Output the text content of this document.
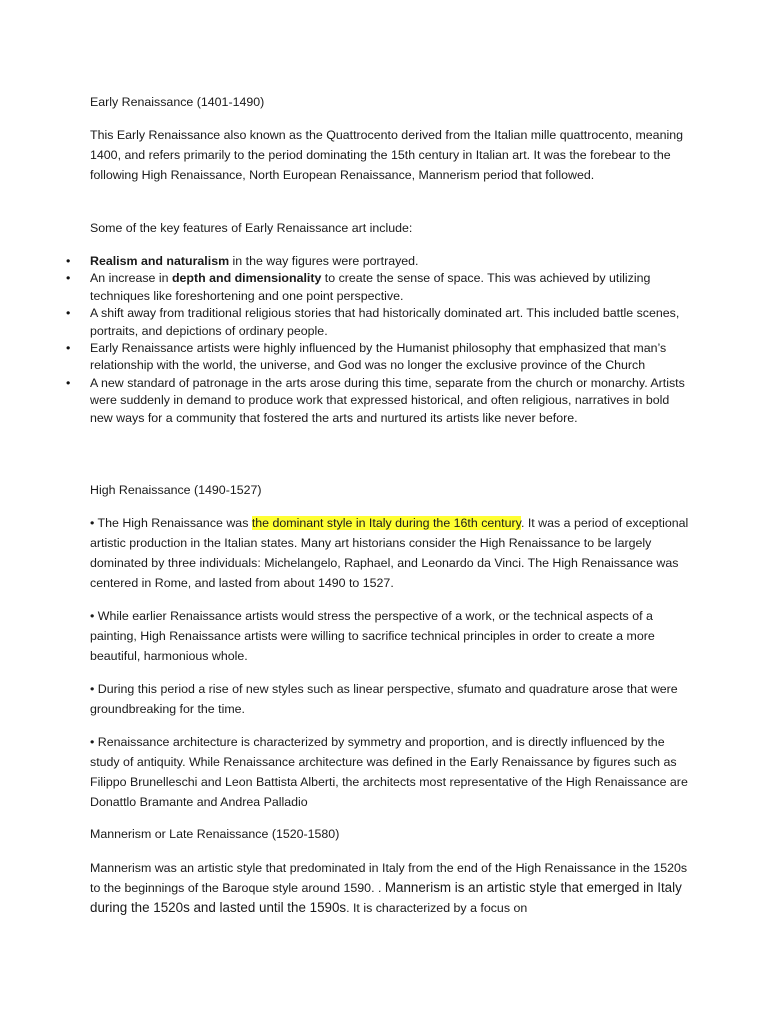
Early Renaissance (1401-1490)

This Early Renaissance also known as the Quattrocento derived from the Italian mille quattrocento, meaning 1400, and refers primarily to the period dominating the 15th century in Italian art. It was the forebear to the following High Renaissance, North European Renaissance, Mannerism period that followed.

Some of the key features of Early Renaissance art include:

• Realism and naturalism in the way figures were portrayed.
• An increase in depth and dimensionality to create the sense of space. This was achieved by utilizing techniques like foreshortening and one point perspective.
• A shift away from traditional religious stories that had historically dominated art. This included battle scenes, portraits, and depictions of ordinary people.
• Early Renaissance artists were highly influenced by the Humanist philosophy that emphasized that man’s relationship with the world, the universe, and God was no longer the exclusive province of the Church
• A new standard of patronage in the arts arose during this time, separate from the church or monarchy. Artists were suddenly in demand to produce work that expressed historical, and often religious, narratives in bold new ways for a community that fostered the arts and nurtured its artists like never before.

High Renaissance (1490-1527)

• The High Renaissance was the dominant style in Italy during the 16th century. It was a period of exceptional artistic production in the Italian states. Many art historians consider the High Renaissance to be largely dominated by three individuals: Michelangelo, Raphael, and Leonardo da Vinci. The High Renaissance was centered in Rome, and lasted from about 1490 to 1527.

• While earlier Renaissance artists would stress the perspective of a work, or the technical aspects of a painting, High Renaissance artists were willing to sacrifice technical principles in order to create a more beautiful, harmonious whole.

• During this period a rise of new styles such as linear perspective, sfumato and quadrature arose that were groundbreaking for the time.

• Renaissance architecture is characterized by symmetry and proportion, and is directly influenced by the study of antiquity. While Renaissance architecture was defined in the Early Renaissance by figures such as Filippo Brunelleschi and Leon Battista Alberti, the architects most representative of the High Renaissance are Donattlo Bramante and Andrea Palladio

Mannerism or Late Renaissance (1520-1580)

Mannerism was an artistic style that predominated in Italy from the end of the High Renaissance in the 1520s to the beginnings of the Baroque style around 1590. . Mannerism is an artistic style that emerged in Italy during the 1520s and lasted until the 1590s. It is characterized by a focus on
